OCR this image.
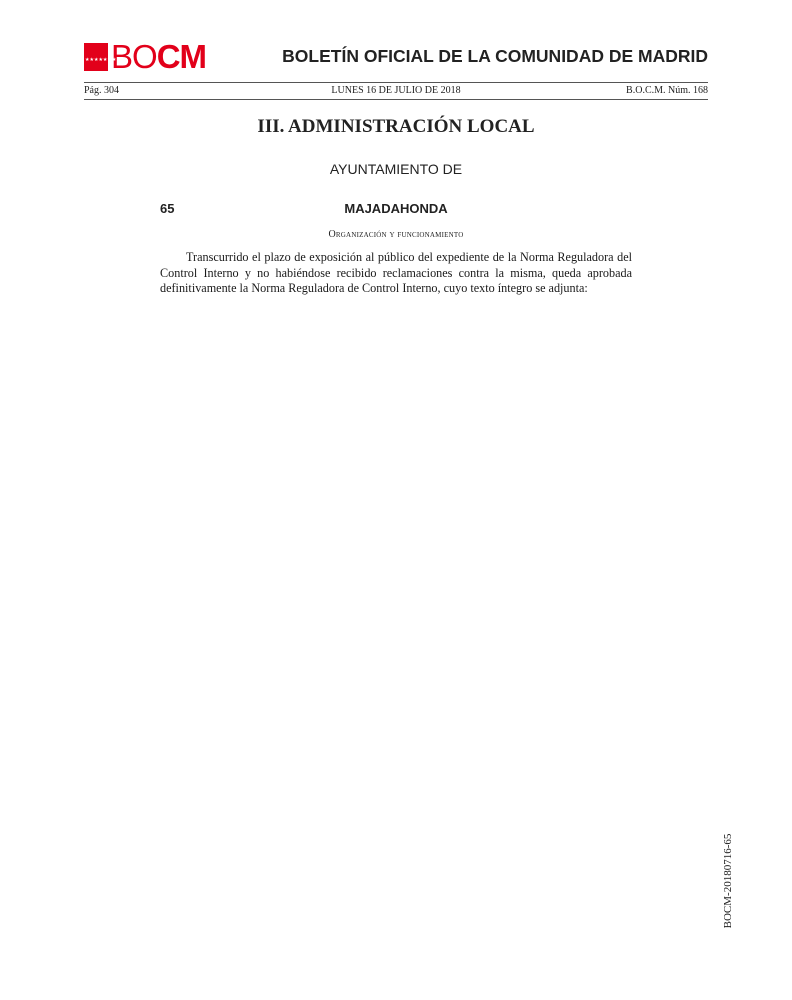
★★★★★★★
BO CM	BOLETÍN OFICIAL DE LA COMUNIDAD DE MADRID
Pág. 304	LUNES 16 DE JULIO DE 2018	B.O.C.M. Núm. 168
III. ADMINISTRACIÓN LOCAL
AYUNTAMIENTO DE
65	MAJADAHONDA
Organización y funcionamiento

Transcurrido el plazo de exposición al público del expediente de la Norma Reguladora del Control Interno y no habiéndose recibido reclamaciones contra la misma, queda aprobada definitivamente la Norma Reguladora de Control Interno, cuyo texto íntegro se adjunta:

BOCM-20180716-65
